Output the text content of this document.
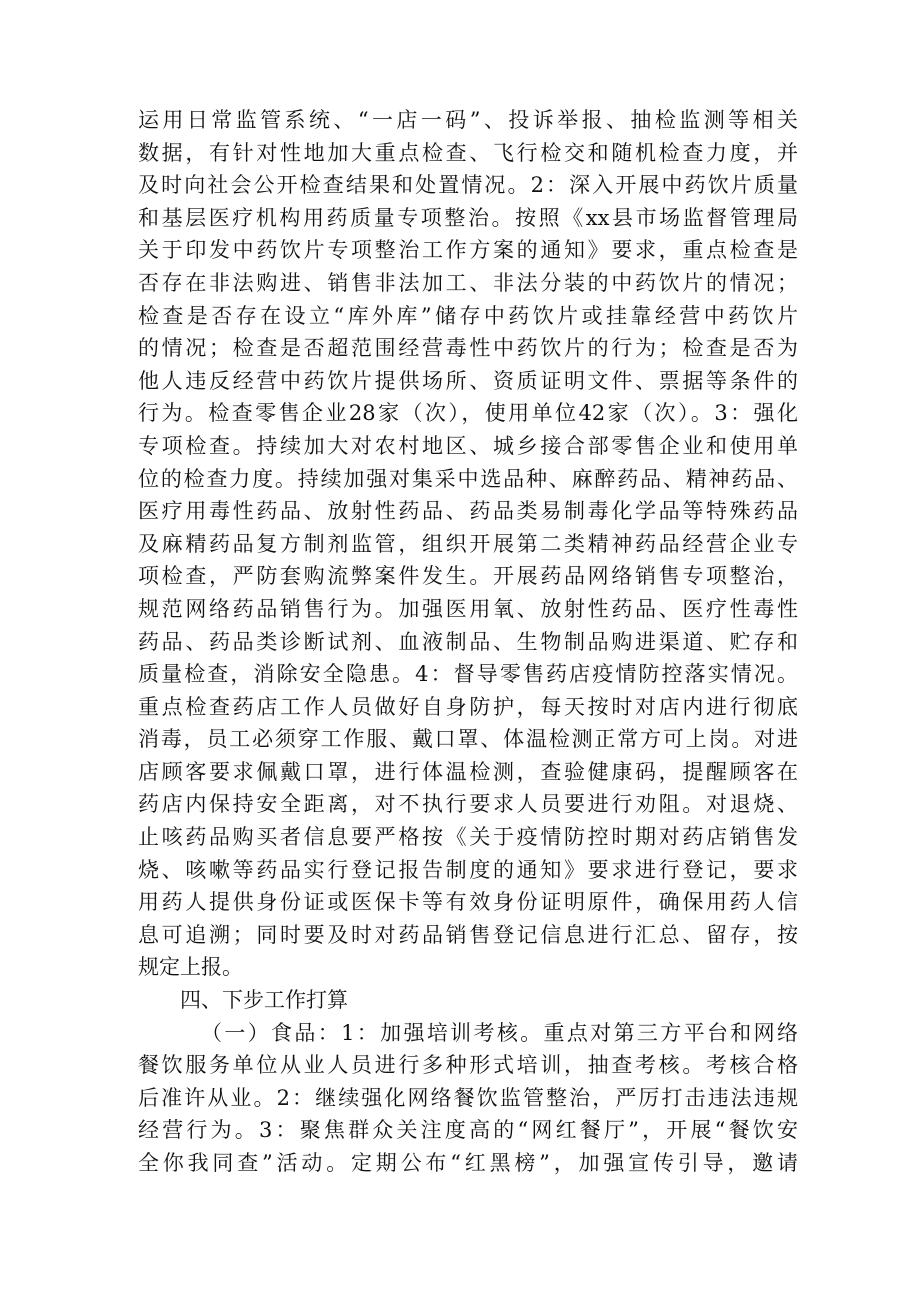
运用日常监管系统、“一店一码”、投诉举报、抽检监测等相关
数据，有针对性地加大重点检查、飞行检交和随机检查力度，并
及时向社会公开检查结果和处置情况。2：深入开展中药饮片质量
和基层医疗机构用药质量专项整治。按照《xx县市场监督管理局
关于印发中药饮片专项整治工作方案的通知》要求，重点检查是
否存在非法购进、销售非法加工、非法分装的中药饮片的情况；
检查是否存在设立“库外库”储存中药饮片或挂靠经营中药饮片
的情况；检查是否超范围经营毒性中药饮片的行为；检查是否为
他人违反经营中药饮片提供场所、资质证明文件、票据等条件的
行为。检查零售企业28家（次），使用单位42家（次）。3：强化
专项检查。持续加大对农村地区、城乡接合部零售企业和使用单
位的检查力度。持续加强对集采中选品种、麻醉药品、精神药品、
医疗用毒性药品、放射性药品、药品类易制毒化学品等特殊药品
及麻精药品复方制剂监管，组织开展第二类精神药品经营企业专
项检查，严防套购流弊案件发生。开展药品网络销售专项整治，
规范网络药品销售行为。加强医用氧、放射性药品、医疗性毒性
药品、药品类诊断试剂、血液制品、生物制品购进渠道、贮存和
质量检查，消除安全隐患。4：督导零售药店疫情防控落实情况。
重点检查药店工作人员做好自身防护，每天按时对店内进行彻底
消毒，员工必须穿工作服、戴口罩、体温检测正常方可上岗。对进
店顾客要求佩戴口罩，进行体温检测，查验健康码，提醒顾客在
药店内保持安全距离，对不执行要求人员要进行劝阻。对退烧、
止咳药品购买者信息要严格按《关于疫情防控时期对药店销售发
烧、咳嗽等药品实行登记报告制度的通知》要求进行登记，要求
用药人提供身份证或医保卡等有效身份证明原件，确保用药人信
息可追溯；同时要及时对药品销售登记信息进行汇总、留存，按
规定上报。
四、下步工作打算
（一）食品：1：加强培训考核。重点对第三方平台和网络
餐饮服务单位从业人员进行多种形式培训，抽查考核。考核合格
后准许从业。2：继续强化网络餐饮监管整治，严厉打击违法违规
经营行为。3：聚焦群众关注度高的“网红餐厅”，开展“餐饮安
全你我同查”活动。定期公布“红黑榜”，加强宣传引导，邀请
